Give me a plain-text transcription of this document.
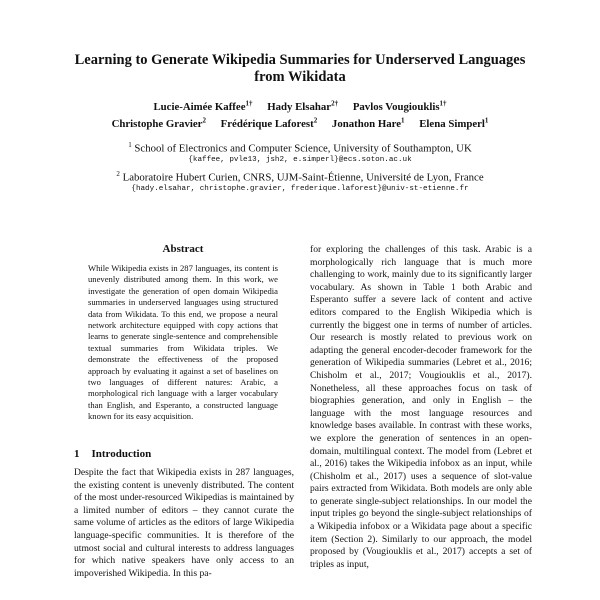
Learning to Generate Wikipedia Summaries for Underserved Languages from Wikidata
Lucie-Aimée Kaffee$^{1\dagger}$ Hady Elsahar$^{2\dagger}$ Pavlos Vougiouklis$^{1\dagger}$
Christophe Gravier$^2$ Frédérique Laforest$^2$ Jonathon Hare$^1$ Elena Simperl$^1$
$^1$ School of Electronics and Computer Science, University of Southampton, UK
{kaffee, pvle13, jsh2, e.simperl}@ecs.soton.ac.uk
$^2$ Laboratoire Hubert Curien, CNRS, UJM-Saint-Étienne, Université de Lyon, France
{hady.elsahar, christophe.gravier, frederique.laforest}@univ-st-etienne.fr
Abstract
While Wikipedia exists in 287 languages, its content is unevenly distributed among them. In this work, we investigate the generation of open domain Wikipedia summaries in underserved languages using structured data from Wikidata. To this end, we propose a neural network architecture equipped with copy actions that learns to generate single-sentence and comprehensible textual summaries from Wikidata triples. We demonstrate the effectiveness of the proposed approach by evaluating it against a set of baselines on two languages of different natures: Arabic, a morphological rich language with a larger vocabulary than English, and Esperanto, a constructed language known for its easy acquisition.
1 Introduction
Despite the fact that Wikipedia exists in 287 languages, the existing content is unevenly distributed. The content of the most under-resourced Wikipedias is maintained by a limited number of editors – they cannot curate the same volume of articles as the editors of large Wikipedia language-specific communities. It is therefore of the utmost social and cultural interests to address languages for which native speakers have only access to an impoverished Wikipedia. In this pa-
for exploring the challenges of this task. Arabic is a morphologically rich language that is much more challenging to work, mainly due to its significantly larger vocabulary. As shown in Table 1 both Arabic and Esperanto suffer a severe lack of content and active editors compared to the English Wikipedia which is currently the biggest one in terms of number of articles. Our research is mostly related to previous work on adapting the general encoder-decoder framework for the generation of Wikipedia summaries (Lebret et al., 2016; Chisholm et al., 2017; Vougiouklis et al., 2017). Nonetheless, all these approaches focus on task of biographies generation, and only in English – the language with the most language resources and knowledge bases available. In contrast with these works, we explore the generation of sentences in an open-domain, multilingual context. The model from (Lebret et al., 2016) takes the Wikipedia infobox as an input, while (Chisholm et al., 2017) uses a sequence of slot-value pairs extracted from Wikidata. Both models are only able to generate single-subject relationships. In our model the input triples go beyond the single-subject relationships of a Wikipedia infobox or a Wikidata page about a specific item (Section 2). Similarly to our approach, the model proposed by (Vougiouklis et al., 2017) accepts a set of triples as input,
